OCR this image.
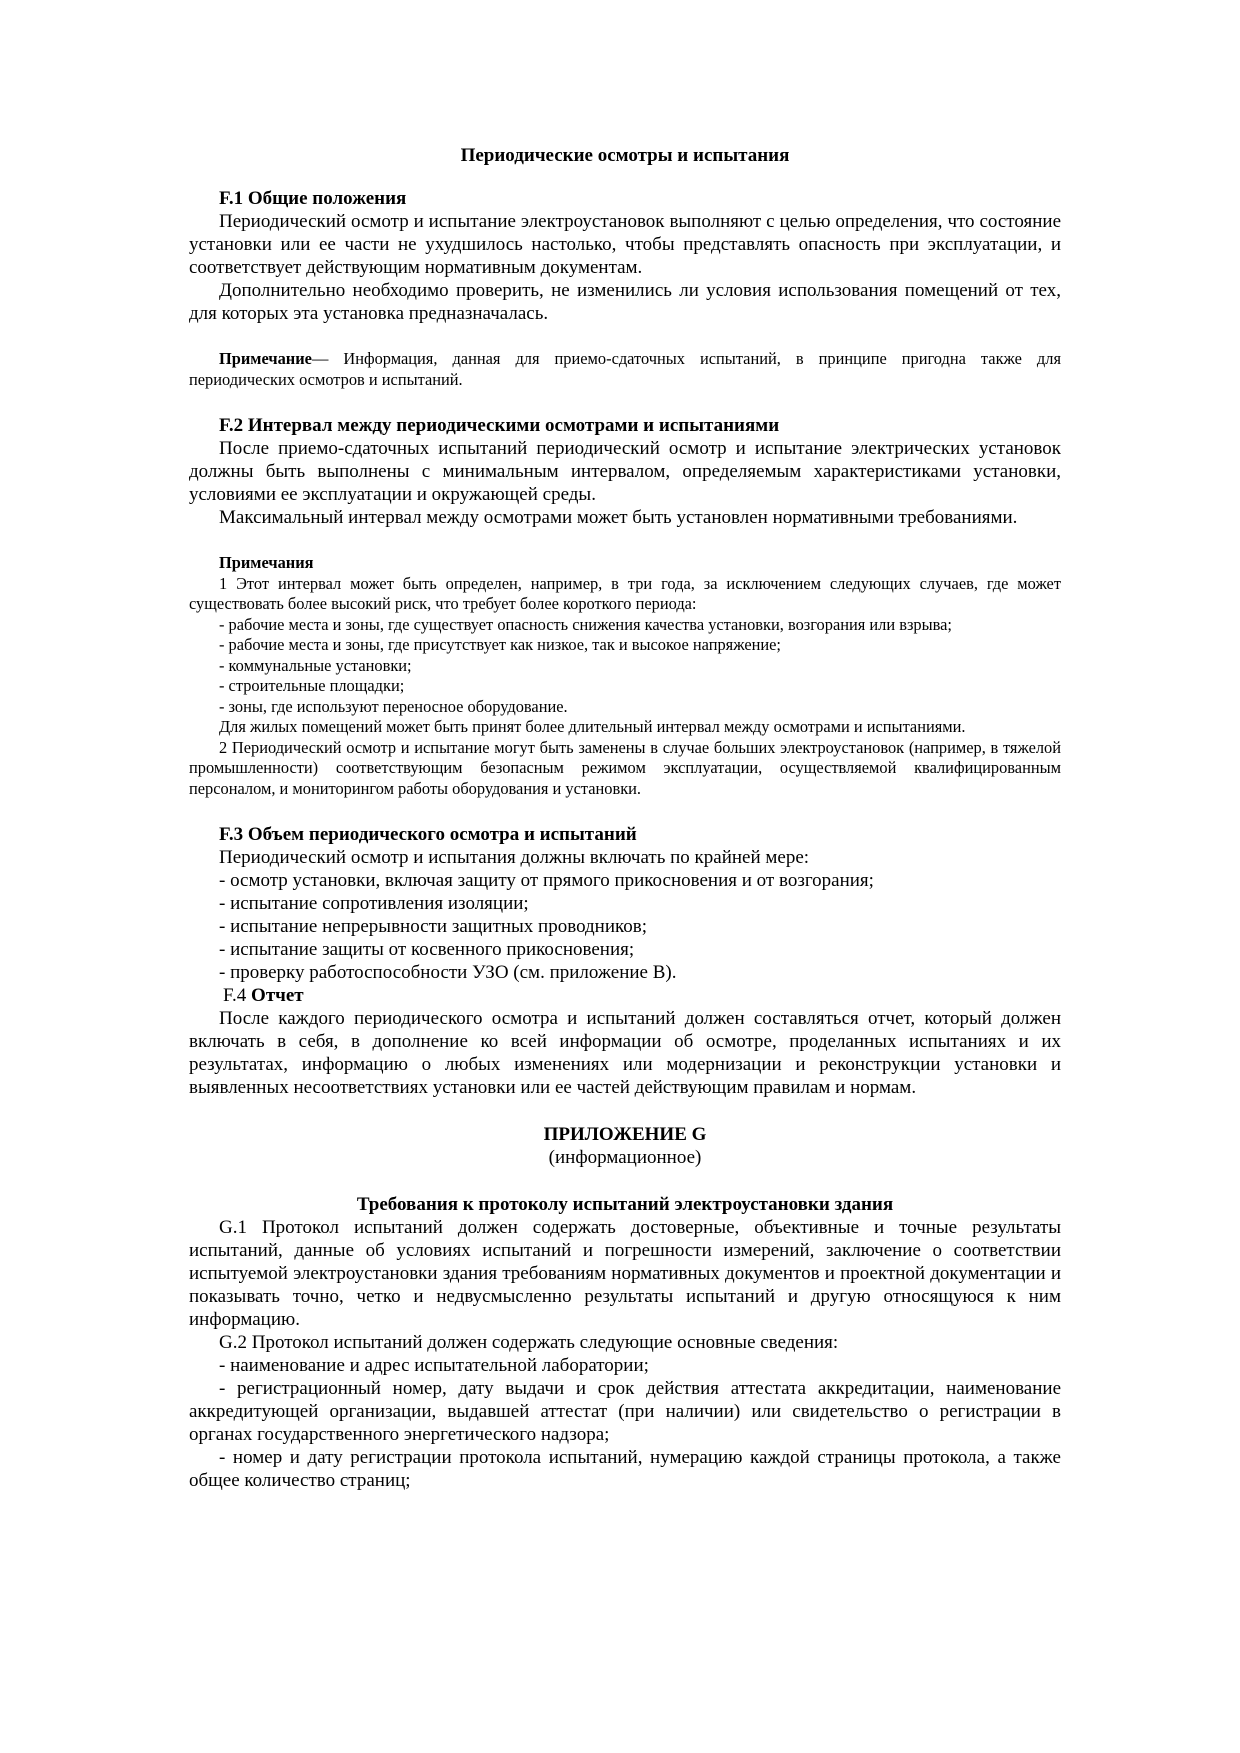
Периодические осмотры и испытания

F.1 Общие положения

Периодический осмотр и испытание электроустановок выполняют с целью определения, что состояние установки или ее части не ухудшилось настолько, чтобы представлять опасность при эксплуатации, и соответствует действующим нормативным документам.

Дополнительно необходимо проверить, не изменились ли условия использования помещений от тех, для которых эта установка предназначалась.

Примечание— Информация, данная для приемо-сдаточных испытаний, в принципе пригодна также для периодических осмотров и испытаний.

F.2 Интервал между периодическими осмотрами и испытаниями

После приемо-сдаточных испытаний периодический осмотр и испытание электрических установок должны быть выполнены с минимальным интервалом, определяемым характеристиками установки, условиями ее эксплуатации и окружающей среды.

Максимальный интервал между осмотрами может быть установлен нормативными требованиями.

Примечания

1 Этот интервал может быть определен, например, в три года, за исключением следующих случаев, где может существовать более высокий риск, что требует более короткого периода:

- рабочие места и зоны, где существует опасность снижения качества установки, возгорания или взрыва;

- рабочие места и зоны, где присутствует как низкое, так и высокое напряжение;

- коммунальные установки;

- строительные площадки;

- зоны, где используют переносное оборудование.

Для жилых помещений может быть принят более длительный интервал между осмотрами и испытаниями.

2 Периодический осмотр и испытание могут быть заменены в случае больших электроустановок (например, в тяжелой промышленности) соответствующим безопасным режимом эксплуатации, осуществляемой квалифицированным персоналом, и мониторингом работы оборудования и установки.

F.3 Объем периодического осмотра и испытаний

Периодический осмотр и испытания должны включать по крайней мере:

- осмотр установки, включая защиту от прямого прикосновения и от возгорания;

- испытание сопротивления изоляции;

- испытание непрерывности защитных проводников;

- испытание защиты от косвенного прикосновения;

- проверку работоспособности УЗО (см. приложение В).

F.4 Отчет

После каждого периодического осмотра и испытаний должен составляться отчет, который должен включать в себя, в дополнение ко всей информации об осмотре, проделанных испытаниях и их результатах, информацию о любых изменениях или модернизации и реконструкции установки и выявленных несоответствиях установки или ее частей действующим правилам и нормам.

ПРИЛОЖЕНИЕ G

(информационное)

Требования к протоколу испытаний электроустановки здания

G.1 Протокол испытаний должен содержать достоверные, объективные и точные результаты испытаний, данные об условиях испытаний и погрешности измерений, заключение о соответствии испытуемой электроустановки здания требованиям нормативных документов и проектной документации и показывать точно, четко и недвусмысленно результаты испытаний и другую относящуюся к ним информацию.

G.2 Протокол испытаний должен содержать следующие основные сведения:

- наименование и адрес испытательной лаборатории;

- регистрационный номер, дату выдачи и срок действия аттестата аккредитации, наименование аккредитующей организации, выдавшей аттестат (при наличии) или свидетельство о регистрации в органах государственного энергетического надзора;

- номер и дату регистрации протокола испытаний, нумерацию каждой страницы протокола, а также общее количество страниц;
